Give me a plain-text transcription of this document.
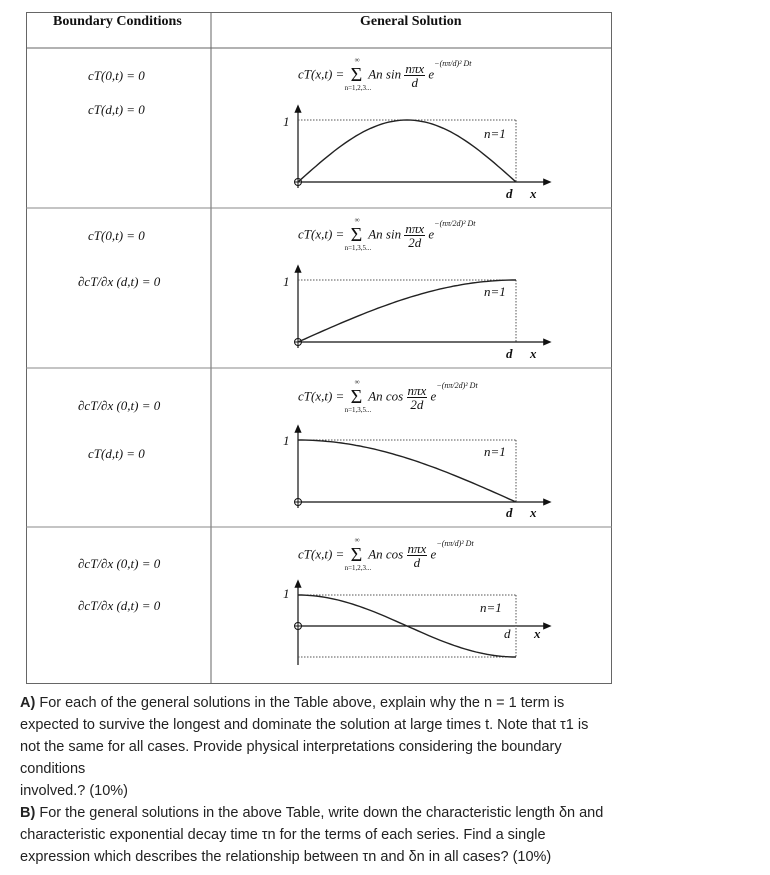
Boundary Conditions	General Solution
cT(0,t) = 0
cT(d,t) = 0
cT(x,t) = Σ
∞
n=1,2,3...
An $\sin \frac{\text{nπx}}{d} e^{-(n\pi/d)^2 Dt}$
cT(0,t) = 0
∂cT/∂x (d,t) = 0
cT(x,t) = Σ
∞
n=1,3,5...
An $\sin \frac{\text{nπx}}{2d} e^{-(n\pi/2d)^2 Dt}$
∂cT/∂x (0,t) = 0
cT(d,t) = 0
cT(x,t) = Σ
∞
n=1,3,5...
An $\cos \frac{\text{nπx}}{2d} e^{-(n\pi/2d)^2 Dt}$
∂cT/∂x (0,t) = 0
∂cT/∂x (d,t) = 0
cT(x,t) = Σ
∞
n=1,2,3...
An $\cos \frac{\text{nπx}}{d} e^{-(n\pi/d)^2 Dt}$
1
n=1
d x
1
n=1
d x
1
n=1
d x
1
n=1
d x
A) For each of the general solutions in the Table above, explain why the n = 1 term is
expected to survive the longest and dominate the solution at large times t. Note that τ1 is
not the same for all cases. Provide physical interpretations considering the boundary
conditions
involved.? (10%)
B) For the general solutions in the above Table, write down the characteristic length δn and
characteristic exponential decay time τn for the terms of each series. Find a single
expression which describes the relationship between τn and δn in all cases? (10%)
